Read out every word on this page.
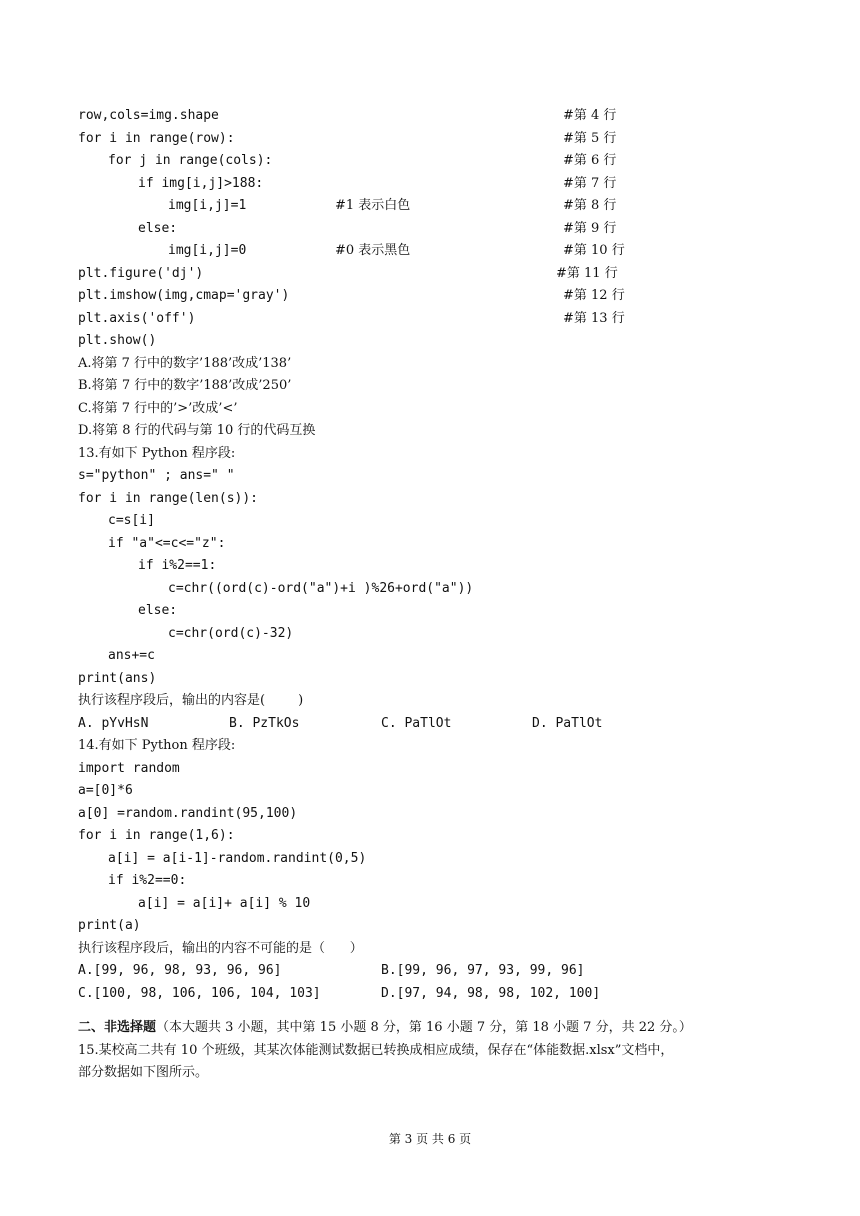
row,cols=img.shape	#第 4 行
for i in range(row):	#第 5 行
for j in range(cols):	#第 6 行
if img[i,j]>188:	#第 7 行
img[i,j]=1	#1 表示白色	#第 8 行
else:	#第 9 行
img[i,j]=0	#0 表示黑色	#第 10 行
plt.figure('dj')	#第 11 行
plt.imshow(img,cmap='gray')	#第 12 行
plt.axis('off')	#第 13 行
plt.show()
A.将第 7 行中的数字’188’改成’138’
B.将第 7 行中的数字’188’改成’250’
C.将第 7 行中的’>’改成’<’
D.将第 8 行的代码与第 10 行的代码互换
13.有如下 Python 程序段:
s="python" ; ans=" "
for i in range(len(s)):
c=s[i]
if "a"<=c<="z":
if i%2==1:
c=chr((ord(c)-ord("a")+i )%26+ord("a"))
else:
c=chr(ord(c)-32)
ans+=c
print(ans)
执行该程序段后，输出的内容是(        )
A. pYvHsN	B. PzTkOs	C. PaTlOt	D. PaTlOt
14.有如下 Python 程序段:
import random
a=[0]*6
a[0] =random.randint(95,100)
for i in range(1,6):
a[i] = a[i-1]-random.randint(0,5)
if i%2==0:
a[i] = a[i]+ a[i] % 10
print(a)
执行该程序段后，输出的内容不可能的是（      ）
A.[99, 96, 98, 93, 96, 96]	B.[99, 96, 97, 93, 99, 96]
C.[100, 98, 106, 106, 104, 103]	D.[97, 94, 98, 98, 102, 100]
二、非选择题（本大题共 3 小题，其中第 15 小题 8 分，第 16 小题 7 分，第 18 小题 7 分，共 22 分。）
15.某校高二共有 10 个班级，其某次体能测试数据已转换成相应成绩，保存在“体能数据.xlsx”文档中，
部分数据如下图所示。
第 3 页 共 6 页
